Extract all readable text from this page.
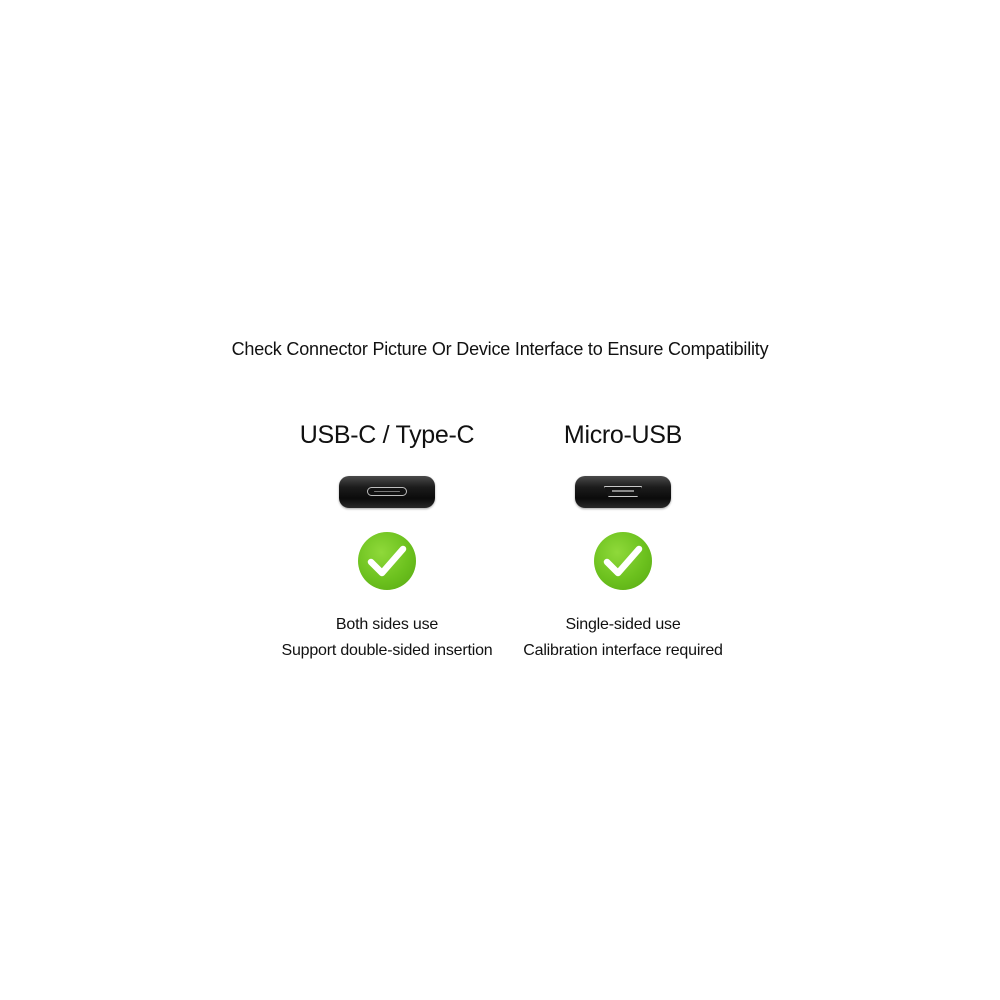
Check Connector Picture Or Device Interface to Ensure Compatibility
USB-C / Type-C
Both sides use
Support double-sided insertion
Micro-USB
Single-sided use
Calibration interface required
